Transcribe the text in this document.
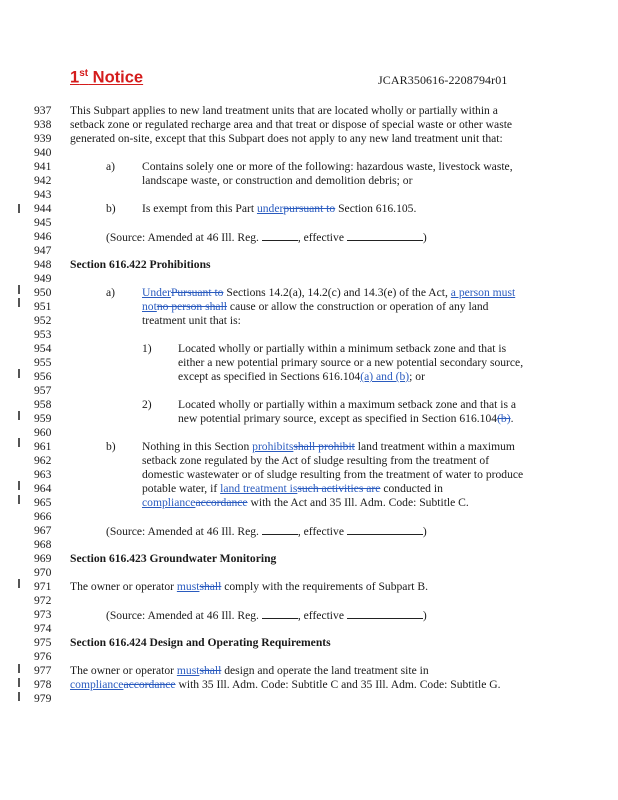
1st Notice	JCAR350616-2208794r01
937	This Subpart applies to new land treatment units that are located wholly or partially within a
938	setback zone or regulated recharge area and that treat or dispose of special waste or other waste
939	generated on-site, except that this Subpart does not apply to any new land treatment unit that:
940
941	a) Contains solely one or more of the following: hazardous waste, livestock waste,
942	landscape waste, or construction and demolition debris; or
943
944	b) Is exempt from this Part underpursuant to Section 616.105.
945
946	(Source: Amended at 46 Ill. Reg.	, effective	)
947
948	Section 616.422 Prohibitions
949
950	a) UnderPursuant to Sections 14.2(a), 14.2(c) and 14.3(e) of the Act, a person must
951	notno person shall cause or allow the construction or operation of any land
952	treatment unit that is:
953
954	1) Located wholly or partially within a minimum setback zone and that is
955	either a new potential primary source or a new potential secondary source,
956	except as specified in Sections 616.104(a) and (b); or
957
958	2) Located wholly or partially within a maximum setback zone and that is a
959	new potential primary source, except as specified in Section 616.104(b).
960
961	b) Nothing in this Section prohibitsshall prohibit land treatment within a maximum
962	setback zone regulated by the Act of sludge resulting from the treatment of
963	domestic wastewater or of sludge resulting from the treatment of water to produce
964	potable water, if land treatment issuch activities are conducted in
965	complianceaccordance with the Act and 35 Ill. Adm. Code: Subtitle C.
966
967	(Source: Amended at 46 Ill. Reg.	, effective	)
968
969	Section 616.423 Groundwater Monitoring
970
971	The owner or operator mustshall comply with the requirements of Subpart B.
972
973	(Source: Amended at 46 Ill. Reg.	, effective	)
974
975	Section 616.424 Design and Operating Requirements
976
977	The owner or operator mustshall design and operate the land treatment site in
978	complianceaccordance with 35 Ill. Adm. Code: Subtitle C and 35 Ill. Adm. Code: Subtitle G.
979
